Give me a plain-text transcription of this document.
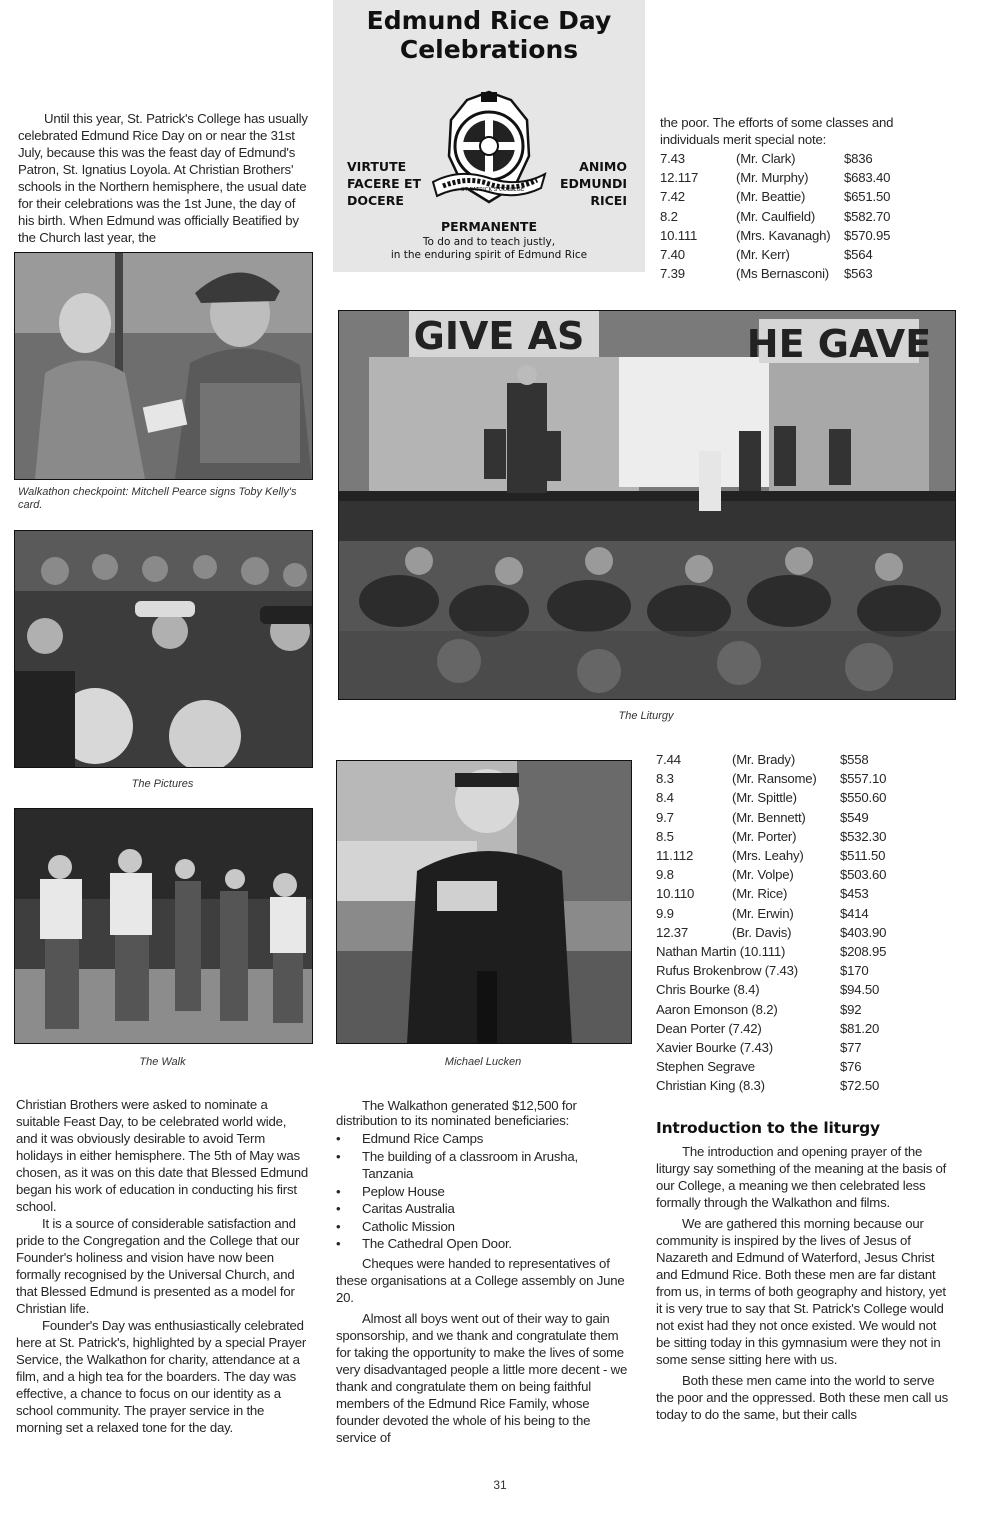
Edmund Rice Day
Celebrations
VIRTUTE
FACERE ET
DOCERE
ANIMO
EDMUNDI
RICEI
PERMANENTE
To do and to teach justly,
in the enduring spirit of Edmund Rice
ST PATRICK'S COLLEGE

Until this year, St. Patrick's College has usually celebrated Edmund Rice Day on or near the 31st July, because this was the feast day of Edmund's Patron, St. Ignatius Loyola. At Christian Brothers' schools in the Northern hemisphere, the usual date for their celebrations was the 1st June, the day of his birth. When Edmund was officially Beatified by the Church last year, the

Walkathon checkpoint: Mitchell Pearce signs Toby Kelly's card.
The Pictures
The Walk
GIVE AS	HE GAVE
The Liturgy
Michael Lucken
the poor. The efforts of some classes and individuals merit special note:
7.43	(Mr. Clark)	$836
12.117	(Mr. Murphy)	$683.40
7.42	(Mr. Beattie)	$651.50
8.2	(Mr. Caulfield)	$582.70
10.111	(Mrs. Kavanagh)	$570.95
7.40	(Mr. Kerr)	$564
7.39	(Ms Bernasconi)	$563
7.44	(Mr. Brady)	$558
8.3	(Mr. Ransome)	$557.10
8.4	(Mr. Spittle)	$550.60
9.7	(Mr. Bennett)	$549
8.5	(Mr. Porter)	$532.30
11.112	(Mrs. Leahy)	$511.50
9.8	(Mr. Volpe)	$503.60
10.110	(Mr. Rice)	$453
9.9	(Mr. Erwin)	$414
12.37	(Br. Davis)	$403.90
Nathan Martin (10.111)	$208.95
Rufus Brokenbrow (7.43)	$170
Chris Bourke (8.4)	$94.50
Aaron Emonson (8.2)	$92
Dean Porter (7.42)	$81.20
Xavier Bourke (7.43)	$77
Stephen Segrave	$76
Christian King (8.3)	$72.50

Christian Brothers were asked to nominate a suitable Feast Day, to be celebrated world wide, and it was obviously desirable to avoid Term holidays in either hemisphere. The 5th of May was chosen, as it was on this date that Blessed Edmund began his work of education in conducting his first school.

It is a source of considerable satisfaction and pride to the Congregation and the College that our Founder's holiness and vision have now been formally recognised by the Universal Church, and that Blessed Edmund is presented as a model for Christian life.

Founder's Day was enthusiastically celebrated here at St. Patrick's, highlighted by a special Prayer Service, the Walkathon for charity, attendance at a film, and a high tea for the boarders. The day was effective, a chance to focus on our identity as a school community. The prayer service in the morning set a relaxed tone for the day.

The Walkathon generated $12,500 for distribution to its nominated beneficiaries:

• Edmund Rice Camps
• The building of a classroom in Arusha, Tanzania
• Peplow House
• Caritas Australia
• Catholic Mission
• The Cathedral Open Door.

Cheques were handed to representatives of these organisations at a College assembly on June 20.

Almost all boys went out of their way to gain sponsorship, and we thank and congratulate them for taking the opportunity to make the lives of some very disadvantaged people a little more decent - we thank and congratulate them on being faithful members of the Edmund Rice Family, whose founder devoted the whole of his being to the service of

Introduction to the liturgy

The introduction and opening prayer of the liturgy say something of the meaning at the basis of our College, a meaning we then celebrated less formally through the Walkathon and films.

We are gathered this morning because our community is inspired by the lives of Jesus of Nazareth and Edmund of Waterford, Jesus Christ and Edmund Rice. Both these men are far distant from us, in terms of both geography and history, yet it is very true to say that St. Patrick's College would not exist had they not once existed. We would not be sitting today in this gymnasium were they not in some sense sitting here with us.

Both these men came into the world to serve the poor and the oppressed. Both these men call us today to do the same, but their calls

31
